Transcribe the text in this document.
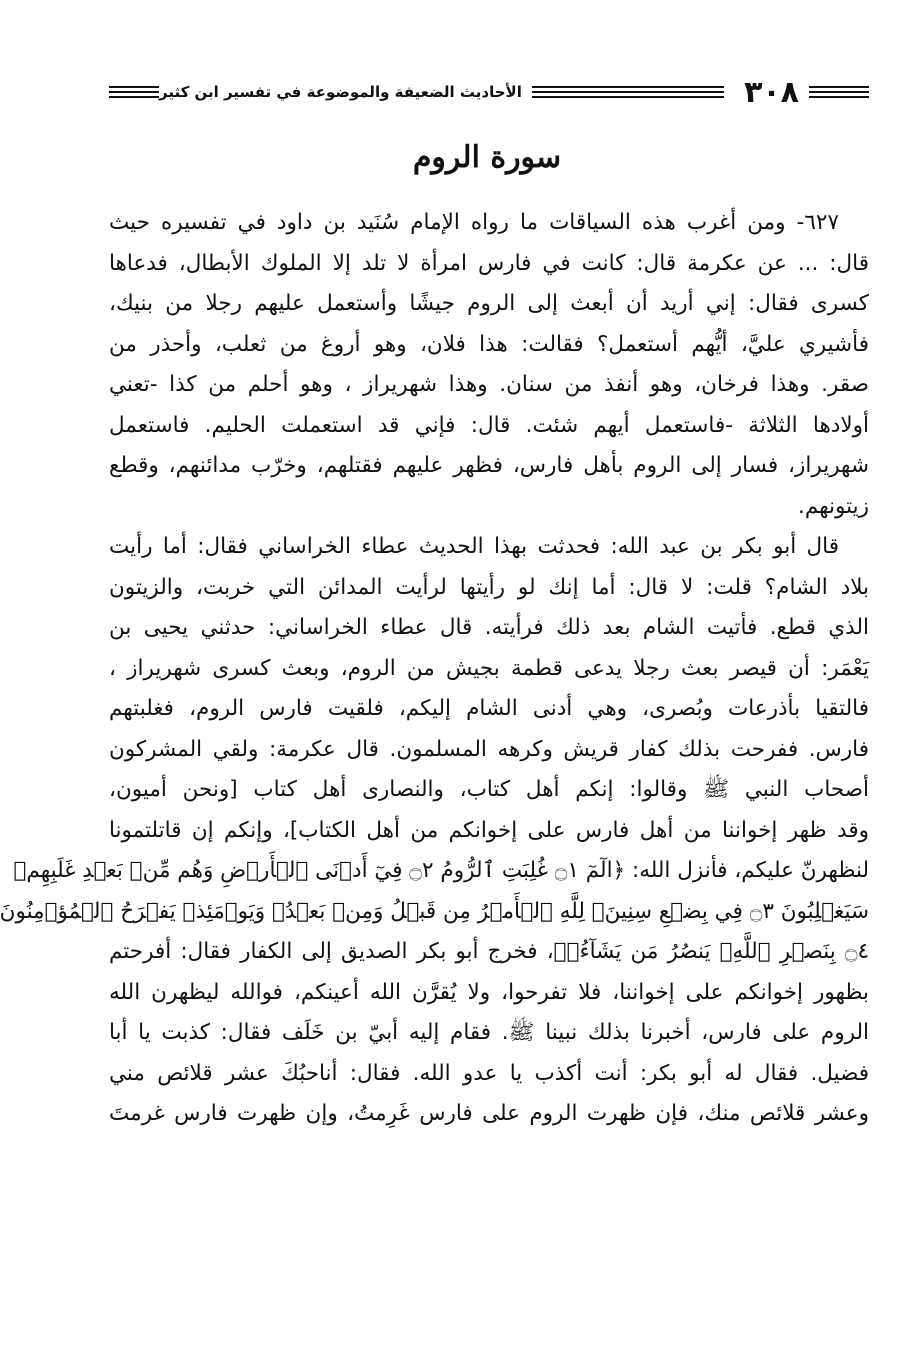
الأحاديث الضعيفة والموضوعة في تفسير ابن كثير	٣٠٨
سورة الروم
٦٢٧- ومن أغرب هذه السياقات ما رواه الإمام سُنَيد بن داود في تفسيره حيث
قال: ... عن عكرمة قال: كانت في فارس امرأة لا تلد إلا الملوك الأبطال، فدعاها
كسرى فقال: إني أريد أن أبعث إلى الروم جيشًا وأستعمل عليهم رجلا من بنيك،
فأشيري عليَّ، أيُّهم أستعمل؟ فقالت: هذا فلان، وهو أروغ من ثعلب، وأحذر من
صقر. وهذا فرخان، وهو أنفذ من سنان. وهذا شهريراز ، وهو أحلم من كذا -تعني
أولادها الثلاثة -فاستعمل أيهم شئت. قال: فإني قد استعملت الحليم. فاستعمل
شهريراز، فسار إلى الروم بأهل فارس، فظهر عليهم فقتلهم، وخرّب مدائنهم، وقطع
زيتونهم.
قال أبو بكر بن عبد الله: فحدثت بهذا الحديث عطاء الخراساني فقال: أما رأيت
بلاد الشام؟ قلت: لا قال: أما إنك لو رأيتها لرأيت المدائن التي خربت، والزيتون
الذي قطع. فأتيت الشام بعد ذلك فرأيته. قال عطاء الخراساني: حدثني يحيى بن
يَعْمَر: أن قيصر بعث رجلا يدعى قطمة بجيش من الروم، وبعث كسرى شهريراز ،
فالتقيا بأذرعات وبُصرى، وهي أدنى الشام إليكم، فلقيت فارس الروم، فغلبتهم
فارس. ففرحت بذلك كفار قريش وكرهه المسلمون. قال عكرمة: ولقي المشركون
أصحاب النبي ﷺ وقالوا: إنكم أهل كتاب، والنصارى أهل كتاب [ونحن أميون،
وقد ظهر إخواننا من أهل فارس على إخوانكم من أهل الكتاب]، وإنكم إن قاتلتمونا
لنظهرنّ عليكم، فأنزل الله: ﴿الٓمٓ ۝١ غُلِبَتِ ٱلرُّومُ ۝٢ فِيٓ أَدۡنَى ٱلۡأَرۡضِ وَهُم مِّنۢ بَعۡدِ غَلَبِهِمۡ
سَيَغۡلِبُونَ ۝٣ فِي بِضۡعِ سِنِينَۗ لِلَّهِ ٱلۡأَمۡرُ مِن قَبۡلُ وَمِنۢ بَعۡدُۚ وَيَوۡمَئِذٖ يَفۡرَحُ ٱلۡمُؤۡمِنُونَ
۝٤ بِنَصۡرِ ٱللَّهِۚ يَنصُرُ مَن يَشَآءُۖ﴾، فخرج أبو بكر الصديق إلى الكفار فقال: أفرحتم
بظهور إخوانكم على إخواننا، فلا تفرحوا، ولا يُقرَّن الله أعينكم، فوالله ليظهرن الله
الروم على فارس، أخبرنا بذلك نبينا ﷺ. فقام إليه أبيّ بن خَلَف فقال: كذبت يا أبا
فضيل. فقال له أبو بكر: أنت أكذب يا عدو الله. فقال: أناحبُكَ عشر قلائص مني
وعشر قلائص منك، فإن ظهرت الروم على فارس غَرِمتُ، وإن ظهرت فارس غرمتَ
